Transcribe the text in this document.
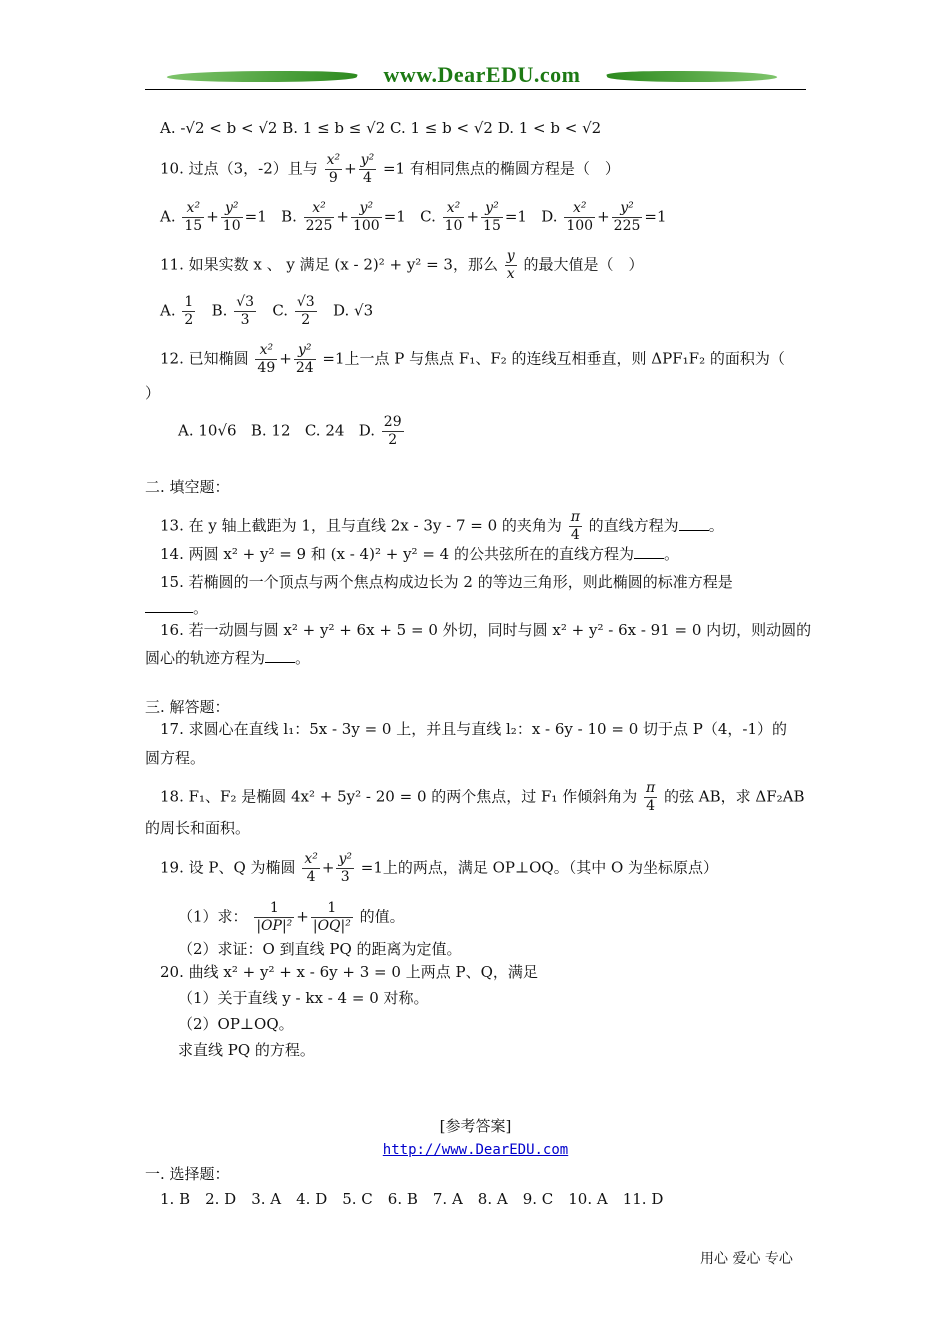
www.DearEDU.com
A. -√2 < b < √2 B. 1 ≤ b ≤ √2 C. 1 ≤ b < √2 D. 1 < b < √2
10. 过点（3，-2）且与 $\frac{\text{x²}}{9} + \frac{\text{y²}}{4} =1$ 有相同焦点的椭圆方程是（　）
A. $\frac{\text{x²}}{15} + \frac{\text{y²}}{10} =1$ B. $\frac{\text{x²}}{225} + \frac{\text{y²}}{100} =1$ C. $\frac{\text{x²}}{10} + \frac{\text{y²}}{15} =1$ D. $\frac{\text{x²}}{100} + \frac{\text{y²}}{225} =1$
11. 如果实数 x 、 y 满足 (x - 2)² + y² = 3，那么 $\frac{y}{x}$ 的最大值是（　）
A. $\frac{1}{2} B$. $\frac{√3}{3} C$. $\frac{√3}{2} D$. √3
12. 已知椭圆 $\frac{\text{x²}}{49} + \frac{\text{y²}}{24} =1$上一点 P 与焦点 F₁、F₂ 的连线互相垂直，则 ΔPF₁F₂ 的面积为（
）
A. 10√6 B. 12 C. 24 D. $\frac{29}{2}$
二. 填空题：
13. 在 y 轴上截距为 1，且与直线 2x - 3y - 7 = 0 的夹角为 $\frac{\pi}{4}$ 的直线方程为 。
14. 两圆 x² + y² = 9 和 (x - 4)² + y² = 4 的公共弦所在的直线方程为 。
15. 若椭圆的一个顶点与两个焦点构成边长为 2 的等边三角形，则此椭圆的标准方程是
。
16. 若一动圆与圆 x² + y² + 6x + 5 = 0 外切，同时与圆 x² + y² - 6x - 91 = 0 内切，则动圆的
圆心的轨迹方程为 。
三. 解答题：
17. 求圆心在直线 l₁：5x - 3y = 0 上，并且与直线 l₂：x - 6y - 10 = 0 切于点 P（4，-1）的
圆方程。
18. F₁、F₂ 是椭圆 4x² + 5y² - 20 = 0 的两个焦点，过 F₁ 作倾斜角为 $\frac{\pi}{4}$ 的弦 AB，求 ΔF₂AB
的周长和面积。
19. 设 P、Q 为椭圆 $\frac{\text{x²}}{4} + \frac{\text{y²}}{3} =1$上的两点，满足 OP⊥OQ。（其中 O 为坐标原点）
（1）求： $\frac{1}{\text{|OP|²}} + \frac{1}{\text{|OQ|²}}$ 的值。
（2）求证：O 到直线 PQ 的距离为定值。
20. 曲线 x² + y² + x - 6y + 3 = 0 上两点 P、Q，满足
（1）关于直线 y - kx - 4 = 0 对称。
（2）OP⊥OQ。
求直线 PQ 的方程。
[参考答案]
http://www.DearEDU.com
一. 选择题：
1. B　2. D　3. A　4. D　5. C　6. B　7. A　8. A　9. C　10. A　11. D
用心 爱心 专心
